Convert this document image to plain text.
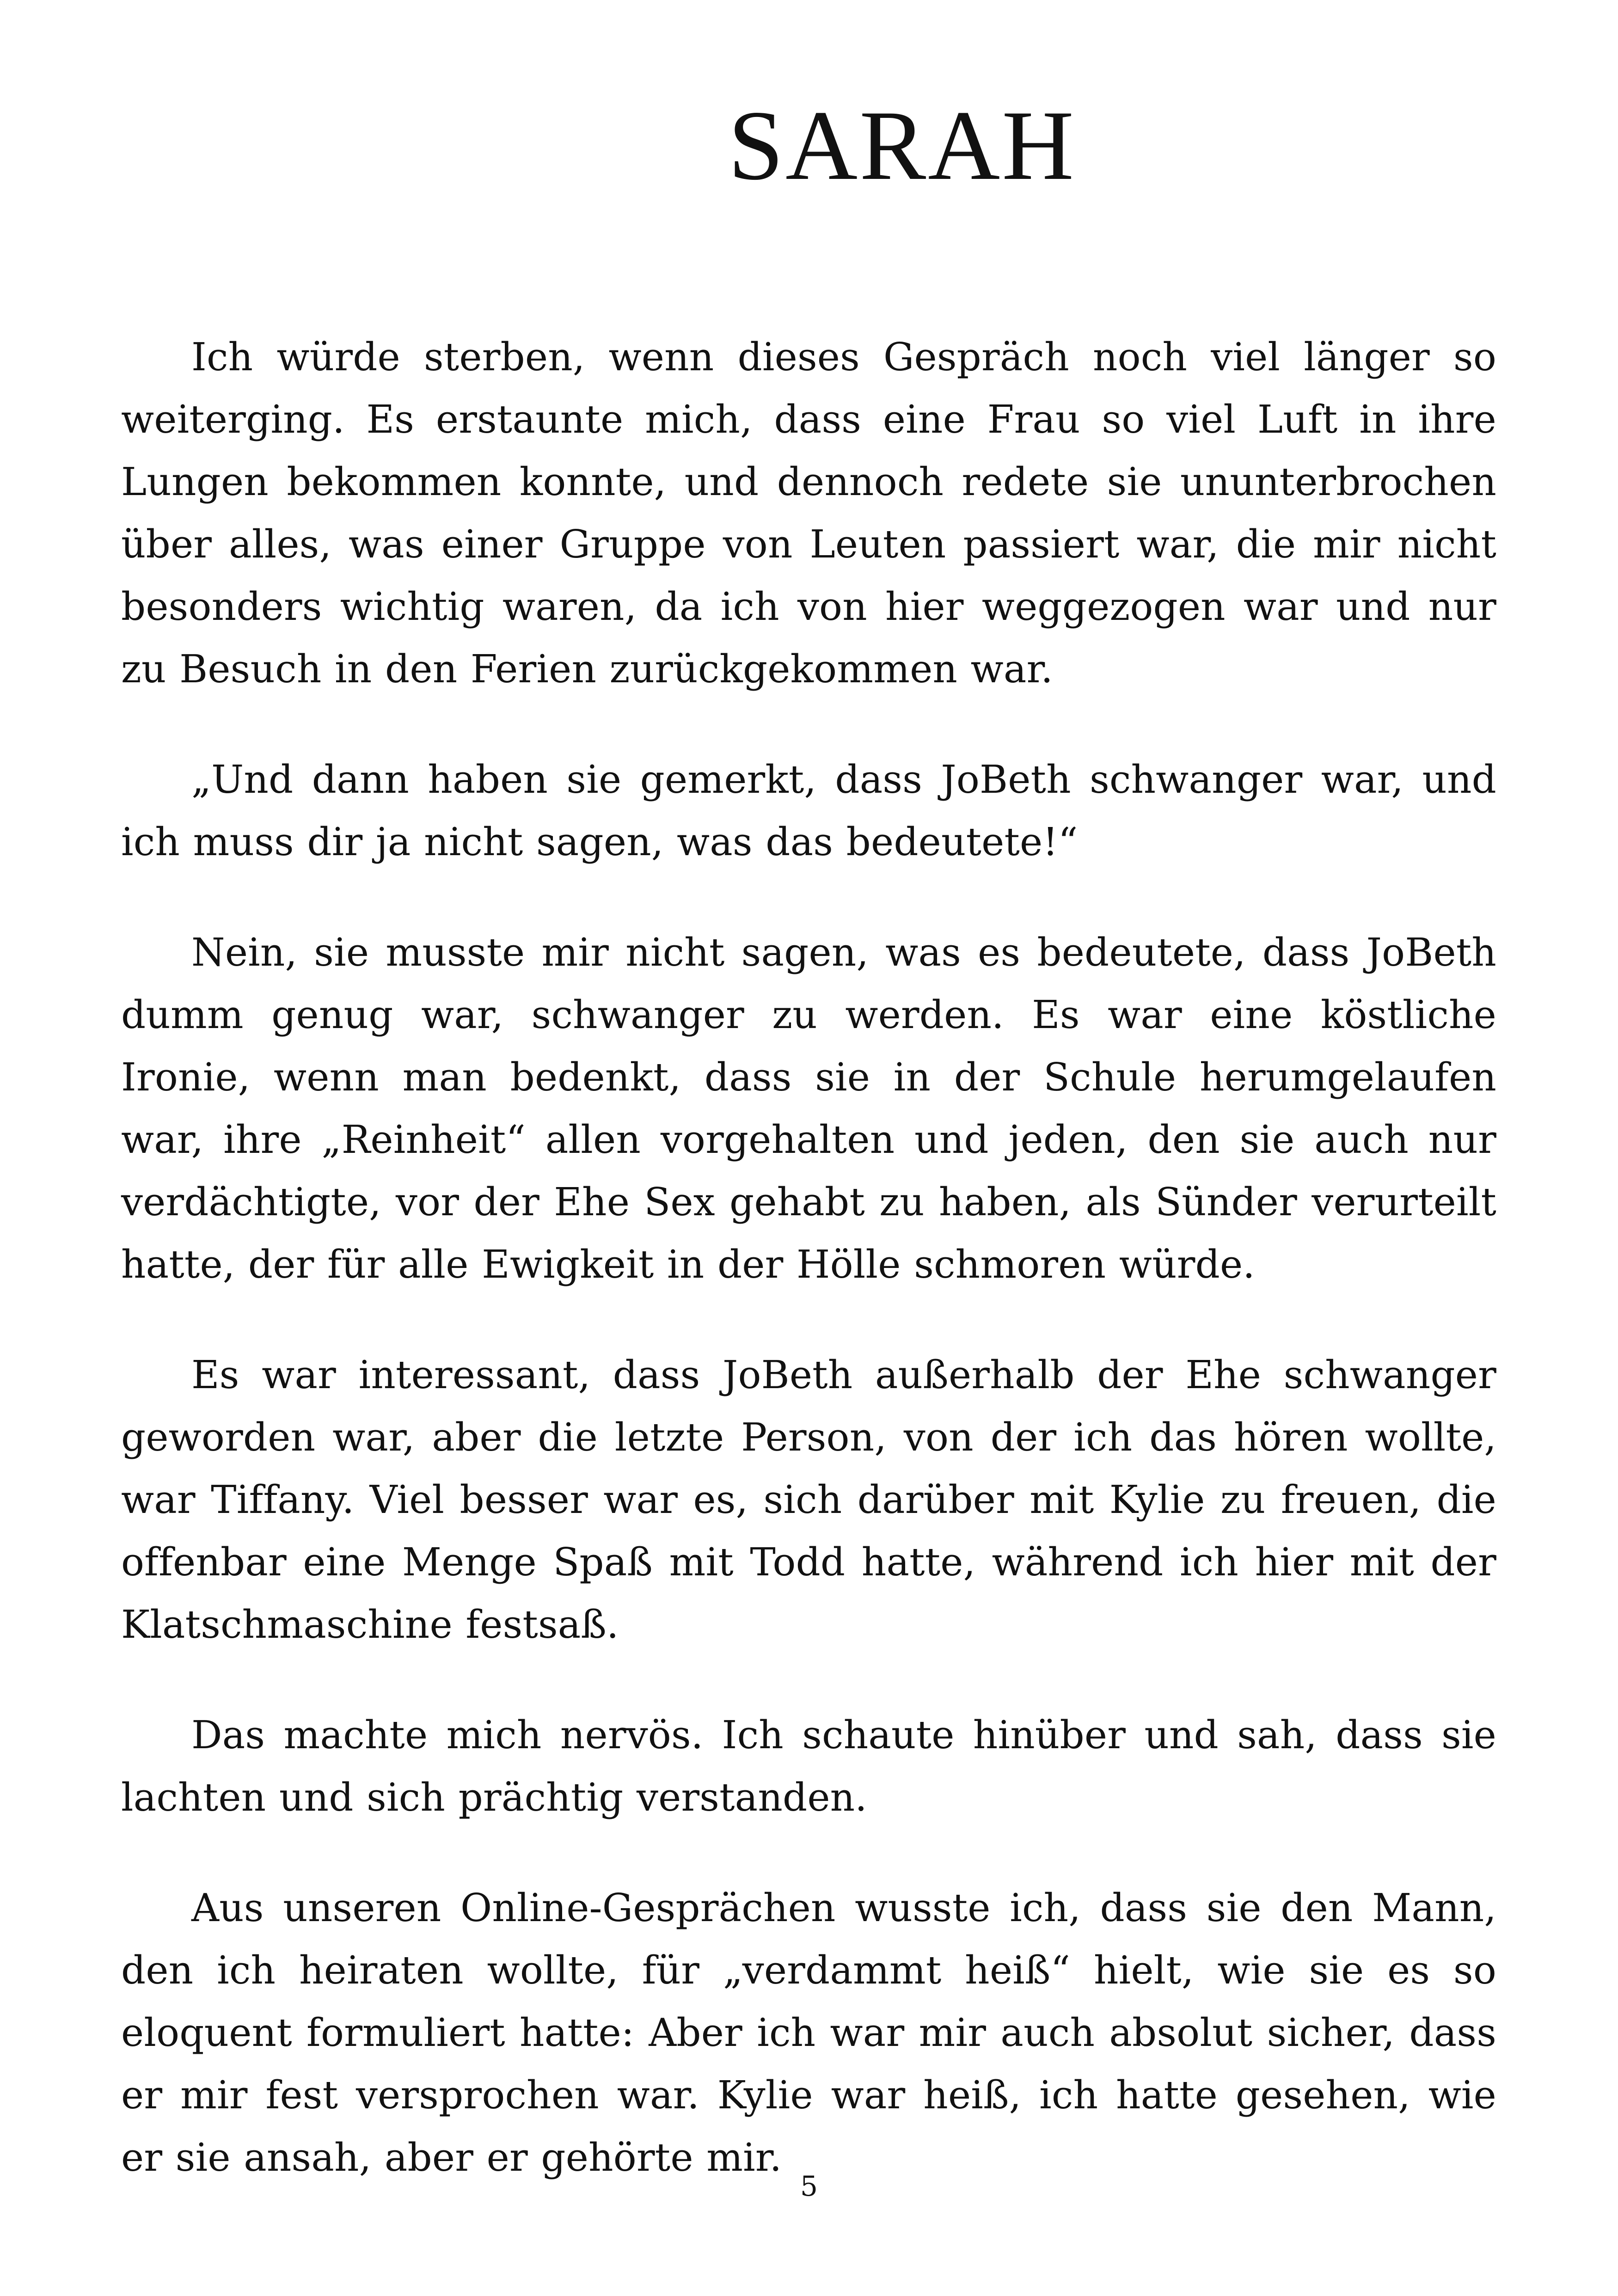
SARAH

Ich würde sterben, wenn dieses Gespräch noch viel länger so weiterging. Es erstaunte mich, dass eine Frau so viel Luft in ihre Lungen bekommen konnte, und dennoch redete sie ununterbrochen über alles, was einer Gruppe von Leuten passiert war, die mir nicht besonders wichtig waren, da ich von hier weggezogen war und nur zu Besuch in den Ferien zurückgekommen war.

„Und dann haben sie gemerkt, dass JoBeth schwanger war, und ich muss dir ja nicht sagen, was das bedeutete!“

Nein, sie musste mir nicht sagen, was es bedeutete, dass JoBeth dumm genug war, schwanger zu werden. Es war eine köstliche Ironie, wenn man bedenkt, dass sie in der Schule herumgelaufen war, ihre „Reinheit“ allen vorgehalten und jeden, den sie auch nur verdächtigte, vor der Ehe Sex gehabt zu haben, als Sünder verurteilt hatte, der für alle Ewigkeit in der Hölle schmoren würde.

Es war interessant, dass JoBeth außerhalb der Ehe schwanger geworden war, aber die letzte Person, von der ich das hören wollte, war Tiffany. Viel besser war es, sich darüber mit Kylie zu freuen, die offenbar eine Menge Spaß mit Todd hatte, während ich hier mit der Klatschmaschine festsaß.

Das machte mich nervös. Ich schaute hinüber und sah, dass sie lachten und sich prächtig verstanden.

Aus unseren Online-Gesprächen wusste ich, dass sie den Mann, den ich heiraten wollte, für „verdammt heiß“ hielt, wie sie es so eloquent formuliert hatte: Aber ich war mir auch absolut sicher, dass er mir fest versprochen war. Kylie war heiß, ich hatte gesehen, wie er sie ansah, aber er gehörte mir.

5
